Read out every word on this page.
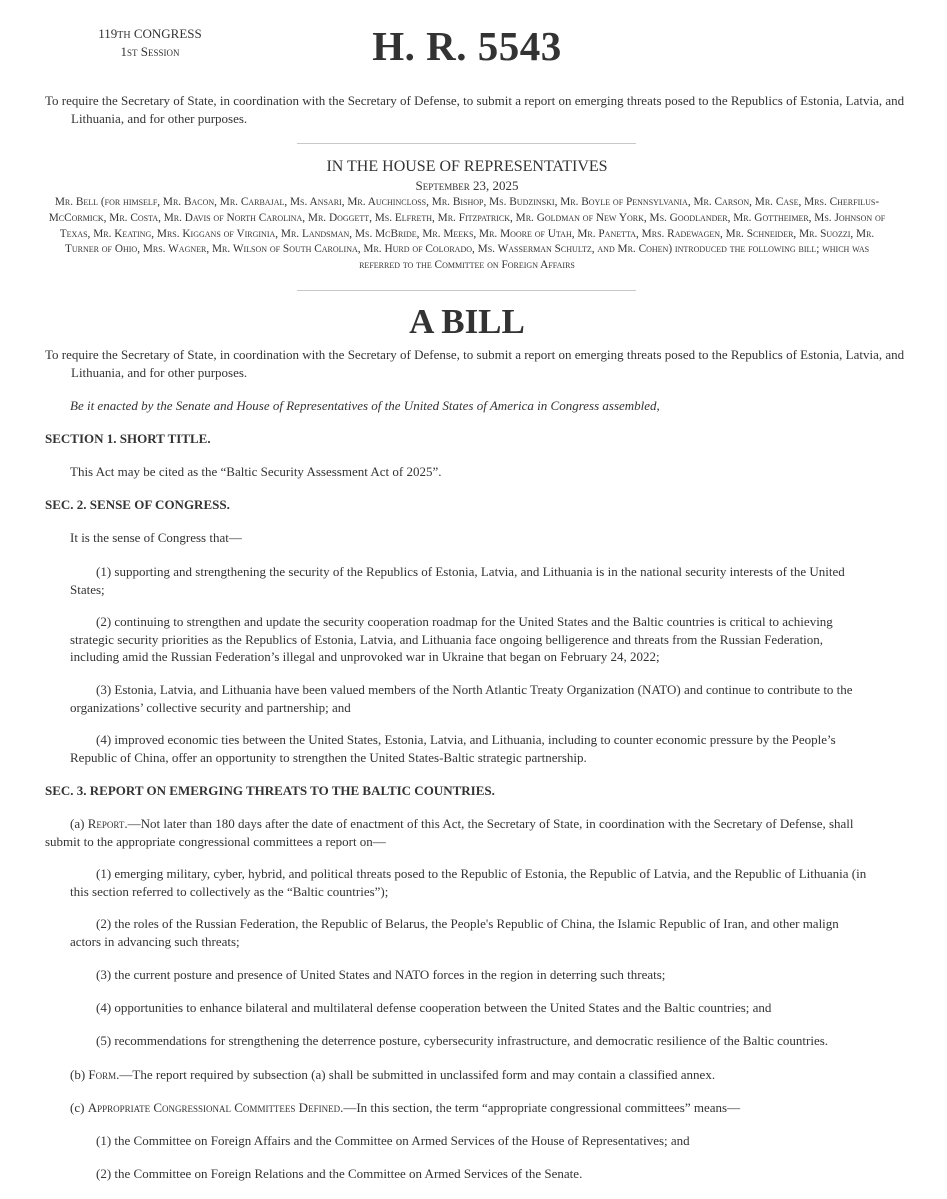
119TH CONGRESS
1st Session	H. R. 5543
To require the Secretary of State, in coordination with the Secretary of Defense, to submit a report on emerging threats posed to the Republics of Estonia, Latvia, and Lithuania, and for other purposes.
IN THE HOUSE OF REPRESENTATIVES
September 23, 2025
Mr. Bell (for himself, Mr. Bacon, Mr. Carbajal, Ms. Ansari, Mr. Auchincloss, Mr. Bishop, Ms. Budzinski, Mr. Boyle of Pennsylvania, Mr. Carson, Mr. Case, Mrs. Cherfilus-McCormick, Mr. Costa, Mr. Davis of North Carolina, Mr. Doggett, Ms. Elfreth, Mr. Fitzpatrick, Mr. Goldman of New York, Ms. Goodlander, Mr. Gottheimer, Ms. Johnson of Texas, Mr. Keating, Mrs. Kiggans of Virginia, Mr. Landsman, Ms. McBride, Mr. Meeks, Mr. Moore of Utah, Mr. Panetta, Mrs. Radewagen, Mr. Schneider, Mr. Suozzi, Mr. Turner of Ohio, Mrs. Wagner, Mr. Wilson of South Carolina, Mr. Hurd of Colorado, Ms. Wasserman Schultz, and Mr. Cohen) introduced the following bill; which was referred to the Committee on Foreign Affairs
A BILL
To require the Secretary of State, in coordination with the Secretary of Defense, to submit a report on emerging threats posed to the Republics of Estonia, Latvia, and Lithuania, and for other purposes.
Be it enacted by the Senate and House of Representatives of the United States of America in Congress assembled,
SECTION 1. SHORT TITLE.
This Act may be cited as the “Baltic Security Assessment Act of 2025”.
SEC. 2. SENSE OF CONGRESS.
It is the sense of Congress that—
(1) supporting and strengthening the security of the Republics of Estonia, Latvia, and Lithuania is in the national security interests of the United States;
(2) continuing to strengthen and update the security cooperation roadmap for the United States and the Baltic countries is critical to achieving strategic security priorities as the Republics of Estonia, Latvia, and Lithuania face ongoing belligerence and threats from the Russian Federation, including amid the Russian Federation’s illegal and unprovoked war in Ukraine that began on February 24, 2022;
(3) Estonia, Latvia, and Lithuania have been valued members of the North Atlantic Treaty Organization (NATO) and continue to contribute to the organizations’ collective security and partnership; and
(4) improved economic ties between the United States, Estonia, Latvia, and Lithuania, including to counter economic pressure by the People’s Republic of China, offer an opportunity to strengthen the United States-Baltic strategic partnership.
SEC. 3. REPORT ON EMERGING THREATS TO THE BALTIC COUNTRIES.
(a) Report.—Not later than 180 days after the date of enactment of this Act, the Secretary of State, in coordination with the Secretary of Defense, shall submit to the appropriate congressional committees a report on—
(1) emerging military, cyber, hybrid, and political threats posed to the Republic of Estonia, the Republic of Latvia, and the Republic of Lithuania (in this section referred to collectively as the “Baltic countries”);
(2) the roles of the Russian Federation, the Republic of Belarus, the People's Republic of China, the Islamic Republic of Iran, and other malign actors in advancing such threats;
(3) the current posture and presence of United States and NATO forces in the region in deterring such threats;
(4) opportunities to enhance bilateral and multilateral defense cooperation between the United States and the Baltic countries; and
(5) recommendations for strengthening the deterrence posture, cybersecurity infrastructure, and democratic resilience of the Baltic countries.
(b) Form.—The report required by subsection (a) shall be submitted in unclassifed form and may contain a classified annex.
(c) Appropriate Congressional Committees Defined.—In this section, the term “appropriate congressional committees” means—
(1) the Committee on Foreign Affairs and the Committee on Armed Services of the House of Representatives; and
(2) the Committee on Foreign Relations and the Committee on Armed Services of the Senate.
